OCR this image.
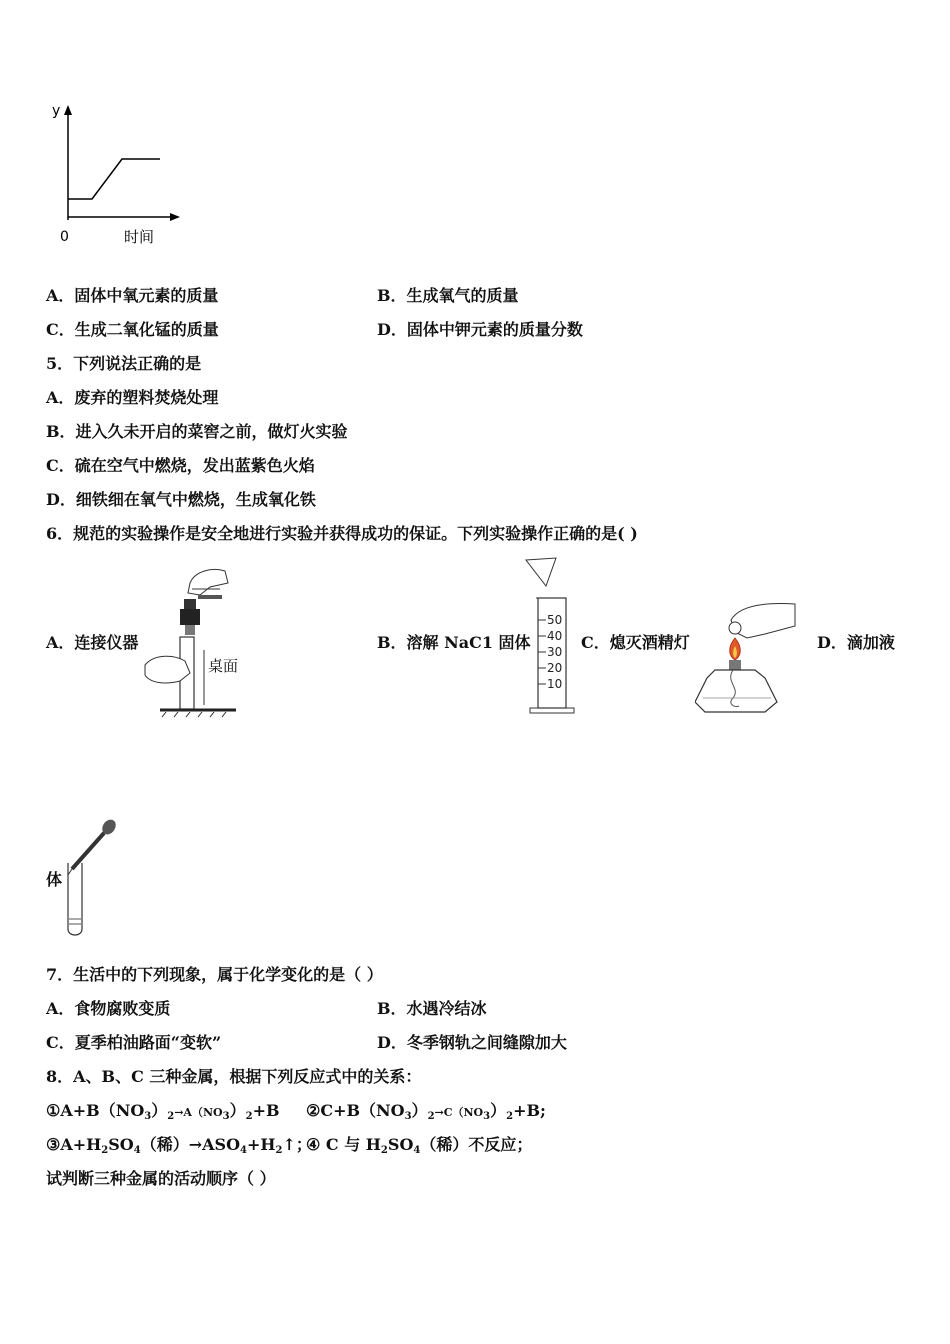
y
0	时间
A．固体中氧元素的质量	B．生成氧气的质量
C．生成二氧化锰的质量	D．固体中钾元素的质量分数
5．下列说法正确的是
A．废弃的塑料焚烧处理
B．进入久未开启的菜窖之前，做灯火实验
C．硫在空气中燃烧，发出蓝紫色火焰
D．细铁细在氧气中燃烧，生成氧化铁
6．规范的实验操作是安全地进行实验并获得成功的保证。下列实验操作正确的是( )
A．连接仪器
桌面
B．溶解 NaC1 固体
50
40
30
20
10
C．熄灭酒精灯	D．滴加液
体
7．生活中的下列现象，属于化学变化的是（ ）
A．食物腐败变质	B．水遇冷结冰
C．夏季柏油路面“变软”	D．冬季钢轨之间缝隙加大
8．A、B、C 三种金属，根据下列反应式中的关系：
$①A+B(NO_3)_2\to A(NO_3)_2+B$ $②C+B(NO_3)_2\to C(NO_3)_2+B$;
$③A+H_2SO_4$（稀）$\to ASO_4+H_2↑$；
④ C 与 $H_2SO_4$（稀）不反应；
试判断三种金属的活动顺序（ ）
